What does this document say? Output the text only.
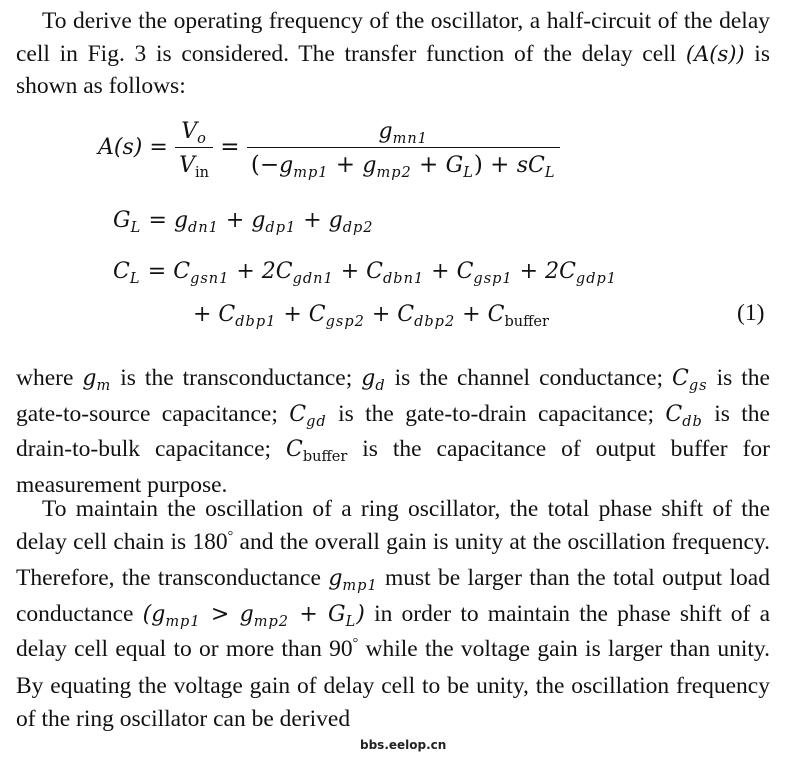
To derive the operating frequency of the oscillator, a half-circuit of the delay cell in Fig. 3 is considered. The transfer function of the delay cell (A(s)) is shown as follows:

$A(s) = \frac{V_o}{V_{in}} = \frac{g_{mn1}}{(-g_{mp1} + g_{mp2} + G_L) + sC_L}$
$G_L = g_{dn1} + g_{dp1} + g_{dp2}$
$C_L = C_{gsn1} + 2C_{gdn1} + C_{dbn1} + C_{gsp1} + 2C_{gdp1}$
+ $C_{dbp1} + C_{gsp2} + C_{dbp2} + C_{buffer}$	(1)

where $g_m$ is the transconductance; $g_d$ is the channel conductance; $C_{gs}$ is the gate-to-source capacitance; $C_{gd}$ is the gate-to-drain capacitance; $C_{db}$ is the drain-to-bulk capacitance; $C_{buffer}$ is the capacitance of output buffer for measurement purpose.

To maintain the oscillation of a ring oscillator, the total phase shift of the delay cell chain is 180° and the overall gain is unity at the oscillation frequency. Therefore, the transconductance $g_{mp1}$ must be larger than the total output load conductance $(g_{mp1} > g_{mp2} + G_L)$ in order to maintain the phase shift of a delay cell equal to or more than 90° while the voltage gain is larger than unity. By equating the voltage gain of delay cell to be unity, the oscillation frequency of the ring oscillator can be derived

bbs.eelop.cn
